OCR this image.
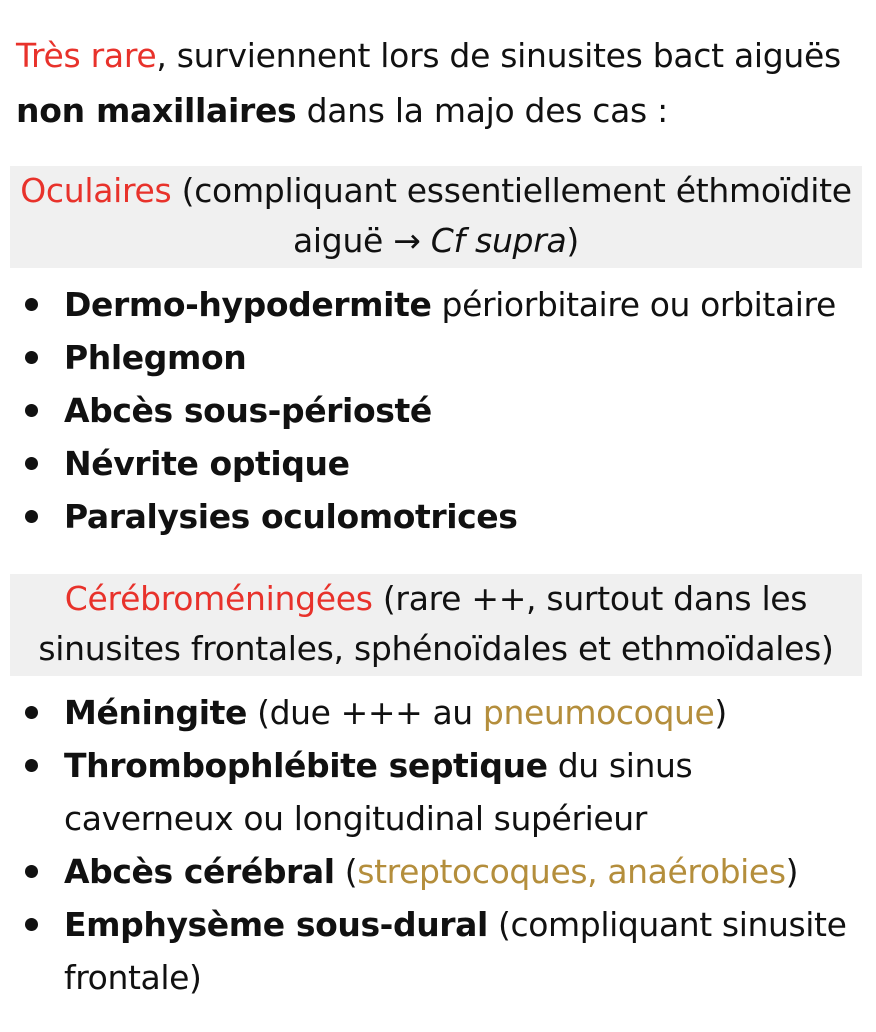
Très rare, surviennent lors de sinusites bact aiguës non maxillaires dans la majo des cas :
Oculaires (compliquant essentiellement éthmoïdite aiguë → Cf supra)
Dermo-hypodermite périorbitaire ou orbitaire
Phlegmon
Abcès sous-périosté
Névrite optique
Paralysies oculomotrices
Cérébroméningées (rare ++, surtout dans les sinusites frontales, sphénoïdales et ethmoïdales)
Méningite (due +++ au pneumocoque)
Thrombophlébite septique du sinus caverneux ou longitudinal supérieur
Abcès cérébral (streptocoques, anaérobies)
Emphysème sous-dural (compliquant sinusite frontale)
